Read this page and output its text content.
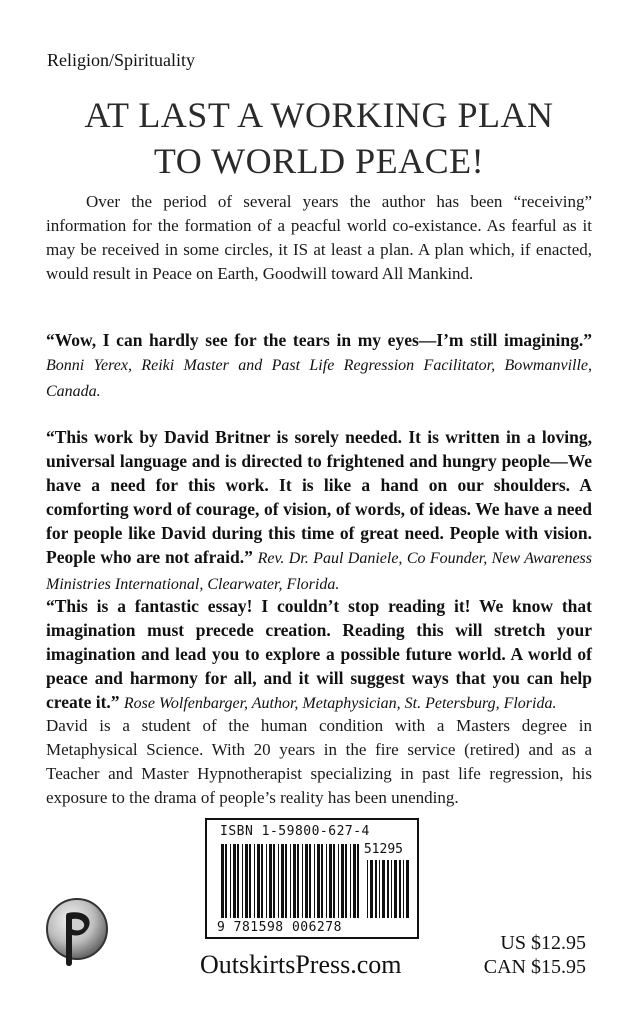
Religion/Spirituality
AT LAST A WORKING PLAN
TO WORLD PEACE!
Over the period of several years the author has been “receiving” information for the formation of a peacful world co-existance. As fearful as it may be received in some circles, it IS at least a plan. A plan which, if enacted, would result in Peace on Earth, Goodwill toward All Mankind.
“Wow, I can hardly see for the tears in my eyes—I’m still imagining.” Bonni Yerex, Reiki Master and Past Life Regression Facilitator, Bowmanville, Canada.
“This work by David Britner is sorely needed. It is written in a loving, universal language and is directed to frightened and hungry people—We have a need for this work. It is like a hand on our shoulders. A comforting word of courage, of vision, of words, of ideas. We have a need for people like David during this time of great need. People with vision. People who are not afraid.” Rev. Dr. Paul Daniele, Co Founder, New Awareness Ministries International, Clearwater, Florida.
“This is a fantastic essay! I couldn’t stop reading it! We know that imagination must precede creation. Reading this will stretch your imagination and lead you to explore a possible future world. A world of peace and harmony for all, and it will suggest ways that you can help create it.” Rose Wolfenbarger, Author, Metaphysician, St. Petersburg, Florida.
David is a student of the human condition with a Masters degree in Metaphysical Science. With 20 years in the fire service (retired) and as a Teacher and Master Hypnotherapist specializing in past life regression, his exposure to the drama of people’s reality has been unending.
ISBN 1-59800-627-4
51295
9 781598 006278
OutskirtsPress.com
US $12.95
CAN $15.95
